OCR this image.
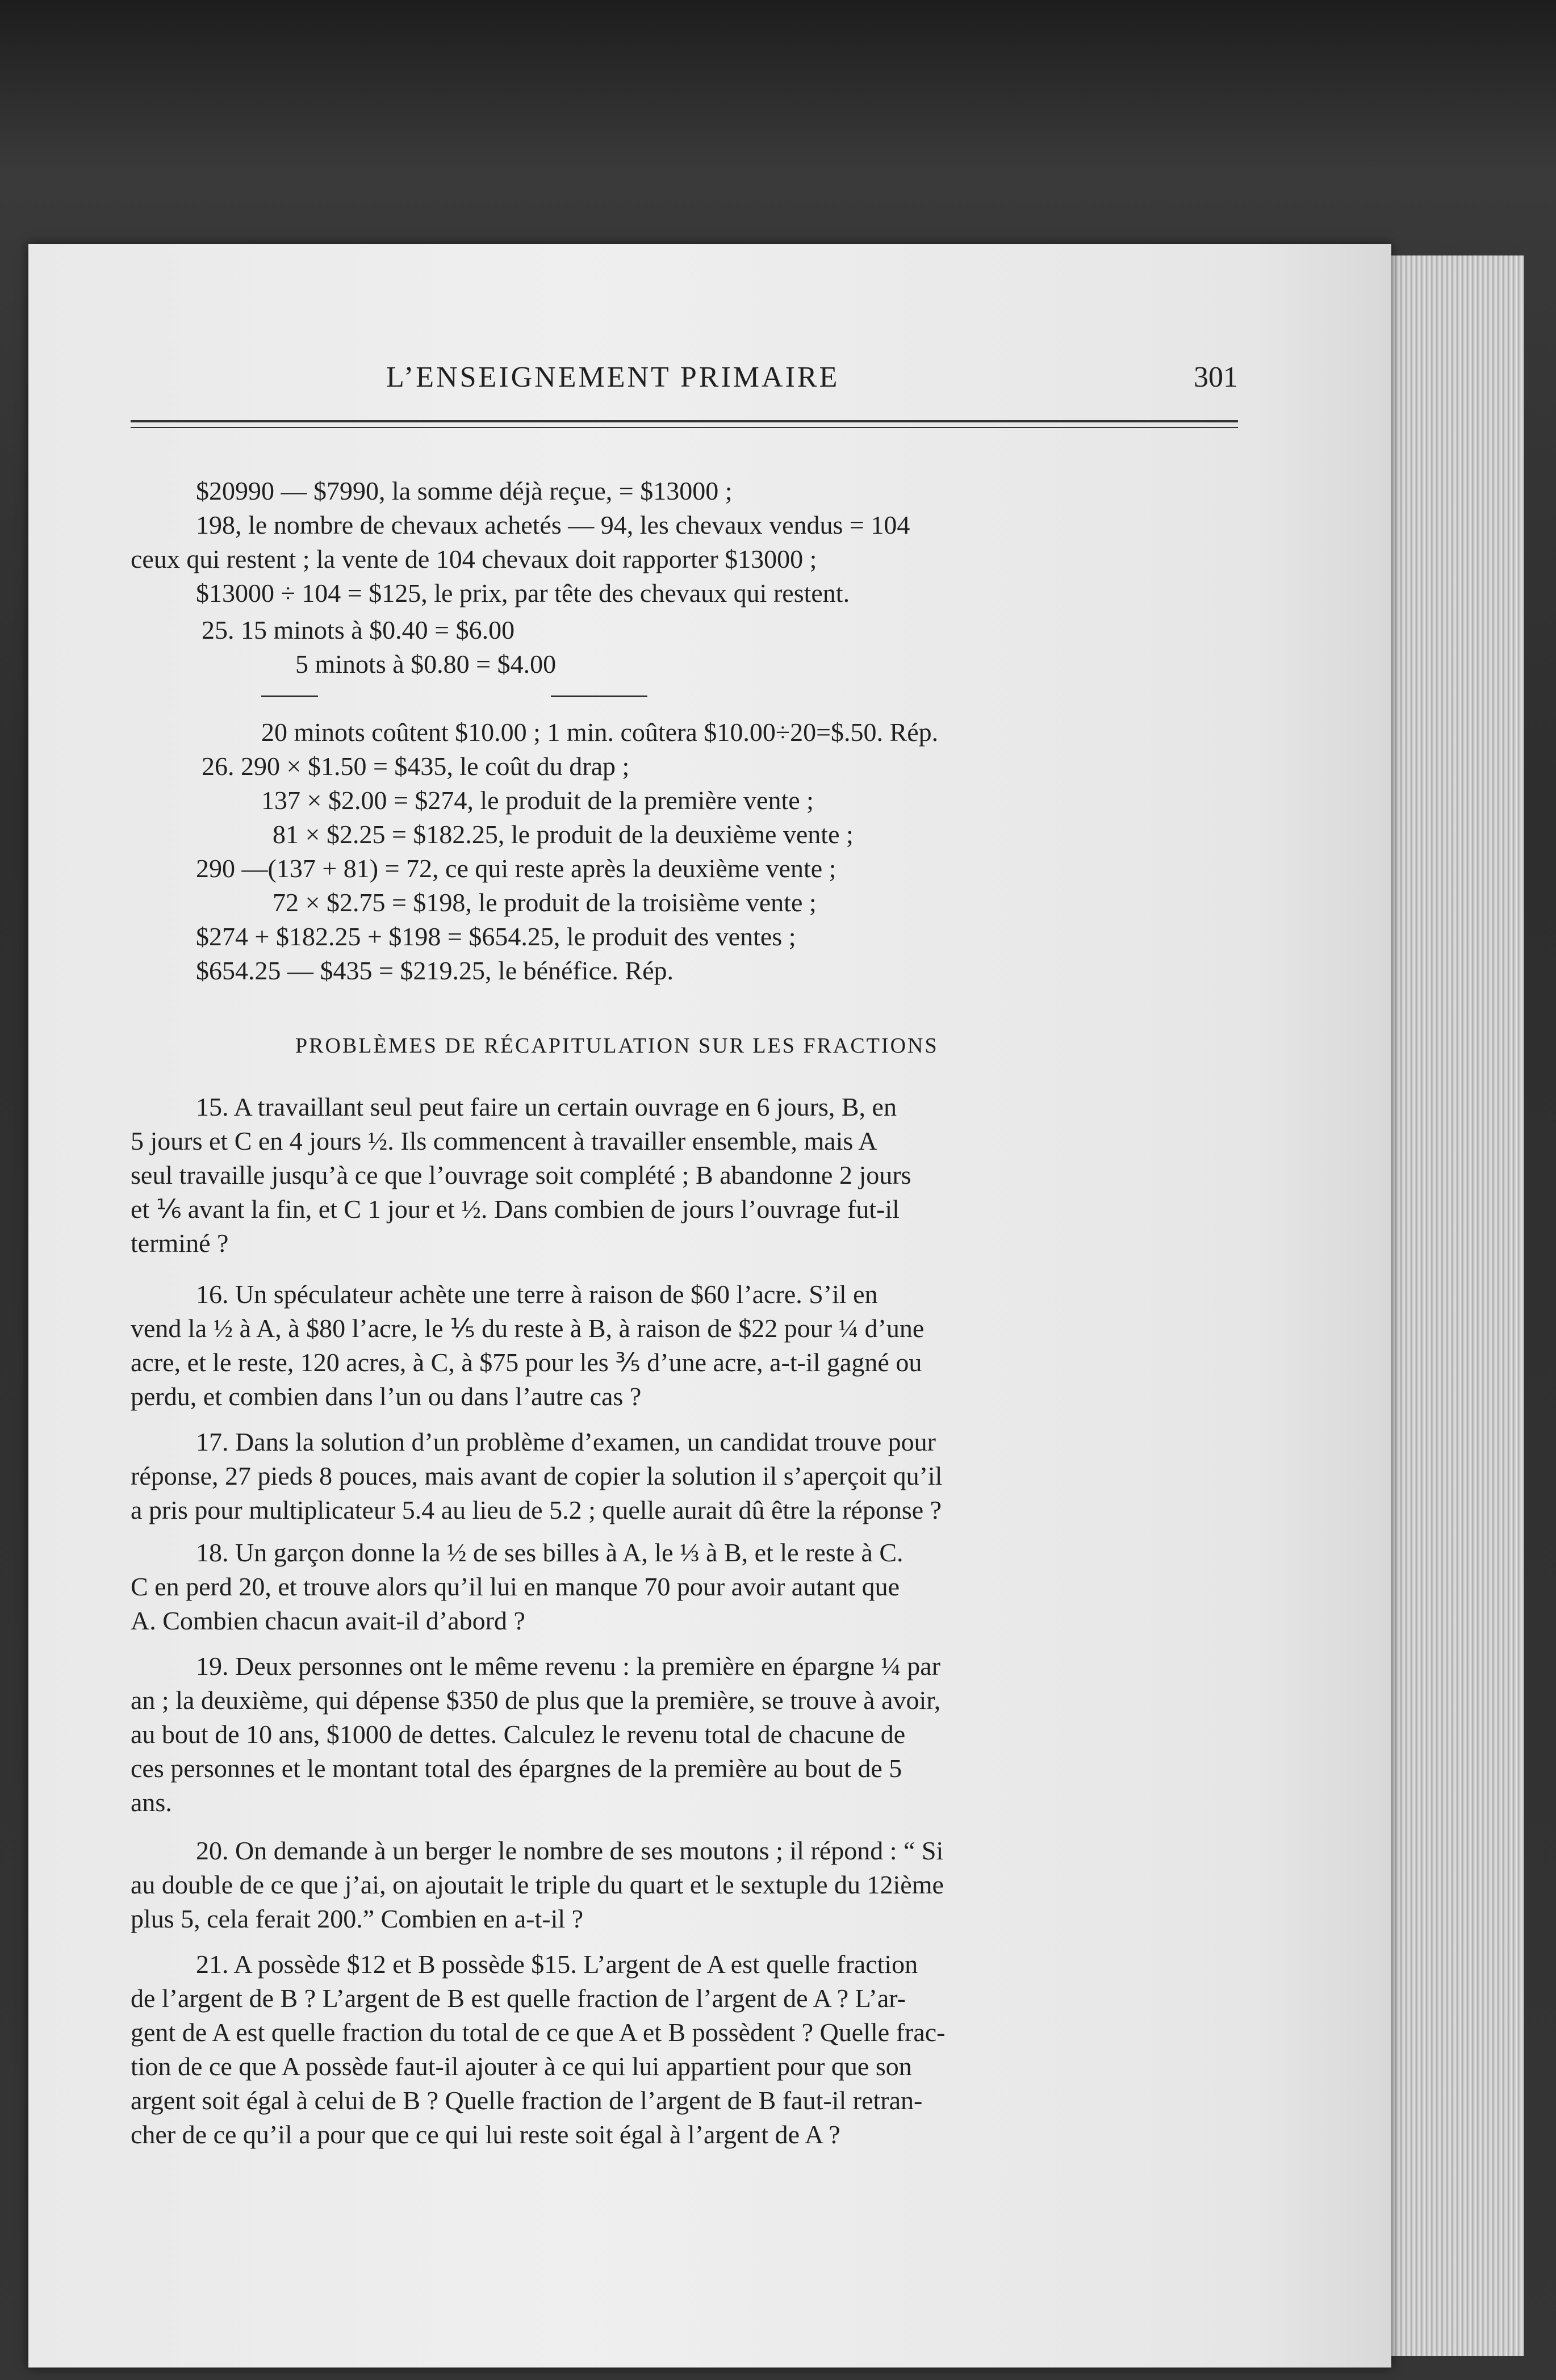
L’ENSEIGNEMENT PRIMAIRE	301
$20990 — $7990, la somme déjà reçue, = $13000 ;
198, le nombre de chevaux achetés — 94, les chevaux vendus = 104
ceux qui restent ; la vente de 104 chevaux doit rapporter $13000 ;
$13000 ÷ 104 = $125, le prix, par tête des chevaux qui restent.
25. 15 minots à $0.40 = $6.00
5 minots à $0.80 = $4.00
20 minots coûtent $10.00 ; 1 min. coûtera $10.00÷20=$.50. Rép.
26. 290 × $1.50 = $435, le coût du drap ;
137 × $2.00 = $274, le produit de la première vente ;
81 × $2.25 = $182.25, le produit de la deuxième vente ;
290 —(137 + 81) = 72, ce qui reste après la deuxième vente ;
72 × $2.75 = $198, le produit de la troisième vente ;
$274 + $182.25 + $198 = $654.25, le produit des ventes ;
$654.25 — $435 = $219.25, le bénéfice. Rép.
PROBLÈMES DE RÉCAPITULATION SUR LES FRACTIONS
15. A travaillant seul peut faire un certain ouvrage en 6 jours, B, en
5 jours et C en 4 jours ½. Ils commencent à travailler ensemble, mais A
seul travaille jusqu’à ce que l’ouvrage soit complété ; B abandonne 2 jours
et ⅙ avant la fin, et C 1 jour et ½. Dans combien de jours l’ouvrage fut-il
terminé ?
16. Un spéculateur achète une terre à raison de $60 l’acre. S’il en
vend la ½ à A, à $80 l’acre, le ⅕ du reste à B, à raison de $22 pour ¼ d’une
acre, et le reste, 120 acres, à C, à $75 pour les ⅗ d’une acre, a-t-il gagné ou
perdu, et combien dans l’un ou dans l’autre cas ?
17. Dans la solution d’un problème d’examen, un candidat trouve pour
réponse, 27 pieds 8 pouces, mais avant de copier la solution il s’aperçoit qu’il
a pris pour multiplicateur 5.4 au lieu de 5.2 ; quelle aurait dû être la réponse ?
18. Un garçon donne la ½ de ses billes à A, le ⅓ à B, et le reste à C.
C en perd 20, et trouve alors qu’il lui en manque 70 pour avoir autant que
A. Combien chacun avait-il d’abord ?
19. Deux personnes ont le même revenu : la première en épargne ¼ par
an ; la deuxième, qui dépense $350 de plus que la première, se trouve à avoir,
au bout de 10 ans, $1000 de dettes. Calculez le revenu total de chacune de
ces personnes et le montant total des épargnes de la première au bout de 5
ans.
20. On demande à un berger le nombre de ses moutons ; il répond : “ Si
au double de ce que j’ai, on ajoutait le triple du quart et le sextuple du 12ième
plus 5, cela ferait 200.” Combien en a-t-il ?
21. A possède $12 et B possède $15. L’argent de A est quelle fraction
de l’argent de B ? L’argent de B est quelle fraction de l’argent de A ? L’ar-
gent de A est quelle fraction du total de ce que A et B possèdent ? Quelle frac-
tion de ce que A possède faut-il ajouter à ce qui lui appartient pour que son
argent soit égal à celui de B ? Quelle fraction de l’argent de B faut-il retran-
cher de ce qu’il a pour que ce qui lui reste soit égal à l’argent de A ?
